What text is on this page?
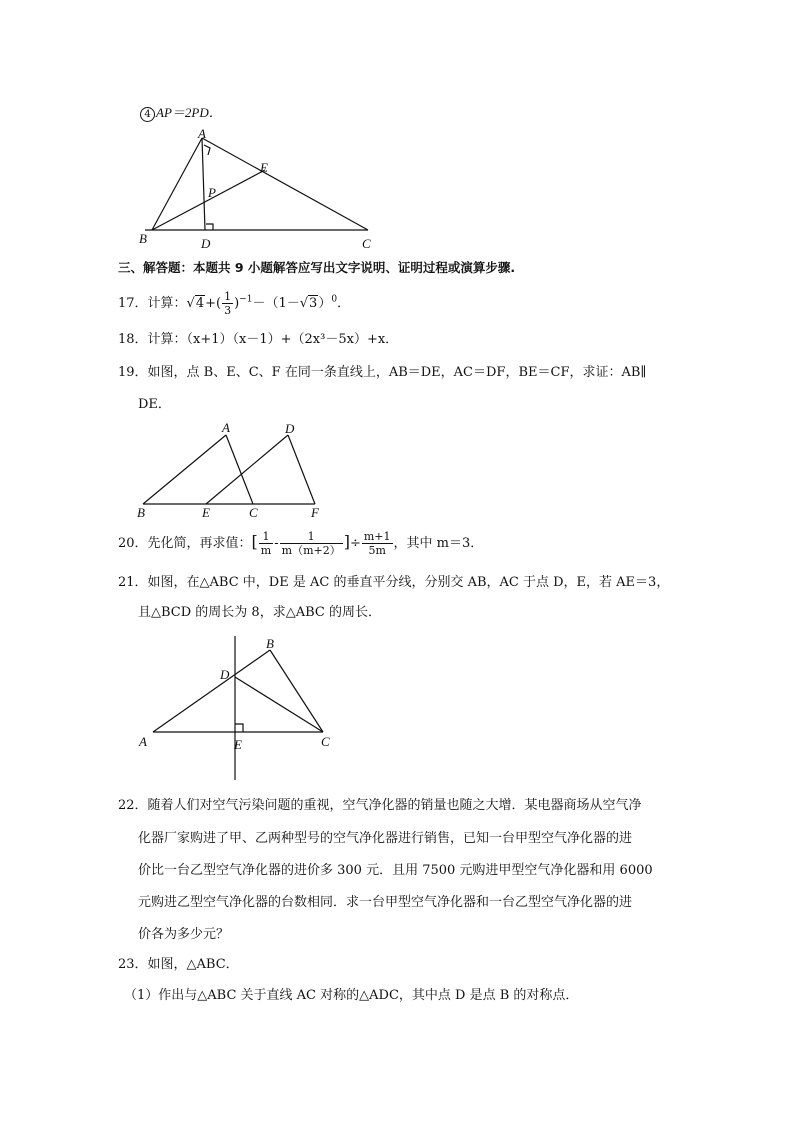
4 AP＝2PD．
A
E
P
B	D	C
三、解答题：本题共 9 小题解答应写出文字说明、证明过程或演算步骤.
17．计算：$√4+( \frac{1}{3} )^{-1}-(1-√3)^0$．
18．计算：（x+1）（x－1）+（2x³－5x）+x．
19．如图，点 B、E、C、F 在同一条直线上，AB＝DE，AC＝DF，BE＝CF，求证：AB∥
DE．
A	D
B	E	C	F
20．先化简，再求值：[ $\frac{1}{m} - \frac{1}{m(m+2)}$ ]÷ $\frac{m+1}{5m}$ ，其中 m＝3．
21．如图，在△ABC 中，DE 是 AC 的垂直平分线，分别交 AB，AC 于点 D，E，若 AE＝3，
且△BCD 的周长为 8，求△ABC 的周长．
B
D
A	E	C
22．随着人们对空气污染问题的重视，空气净化器的销量也随之大增．某电器商场从空气净
化器厂家购进了甲、乙两种型号的空气净化器进行销售，已知一台甲型空气净化器的进
价比一台乙型空气净化器的进价多 300 元．且用 7500 元购进甲型空气净化器和用 6000
元购进乙型空气净化器的台数相同．求一台甲型空气净化器和一台乙型空气净化器的进
价各为多少元？
23．如图，△ABC．
（1）作出与△ABC 关于直线 AC 对称的△ADC，其中点 D 是点 B 的对称点．
